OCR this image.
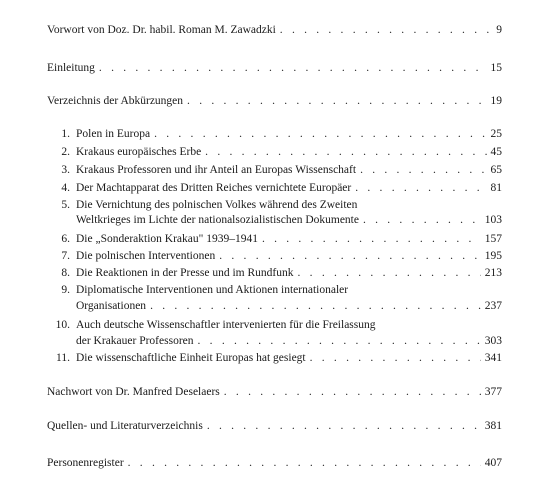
Vorwort von Doz. Dr. habil. Roman M. Zawadzki . . .	9
Einleitung . . .	15
Verzeichnis der Abkürzungen . . .	19
1. Polen in Europa . . .	25
2. Krakaus europäisches Erbe . . .	45
3. Krakaus Professoren und ihr Anteil an Europas Wissenschaft . . .	65
4. Der Machtapparat des Dritten Reiches vernichtete Europäer . . .	81
5. Die Vernichtung des polnischen Volkes während des Zweiten
Weltkrieges im Lichte der nationalsozialistischen Dokumente . . .	103
6. Die „Sonderaktion Krakau" 1939–1941 . . .	157
7. Die polnischen Interventionen . . .	195
8. Die Reaktionen in der Presse und im Rundfunk . . .	213
9. Diplomatische Interventionen und Aktionen internationaler
Organisationen . . .	237
10. Auch deutsche Wissenschaftler intervenierten für die Freilassung
der Krakauer Professoren . . .	303
11. Die wissenschaftliche Einheit Europas hat gesiegt . . .	341
Nachwort von Dr. Manfred Deselaers . . .	377
Quellen- und Literaturverzeichnis . . .	381
Personenregister . . .	407
